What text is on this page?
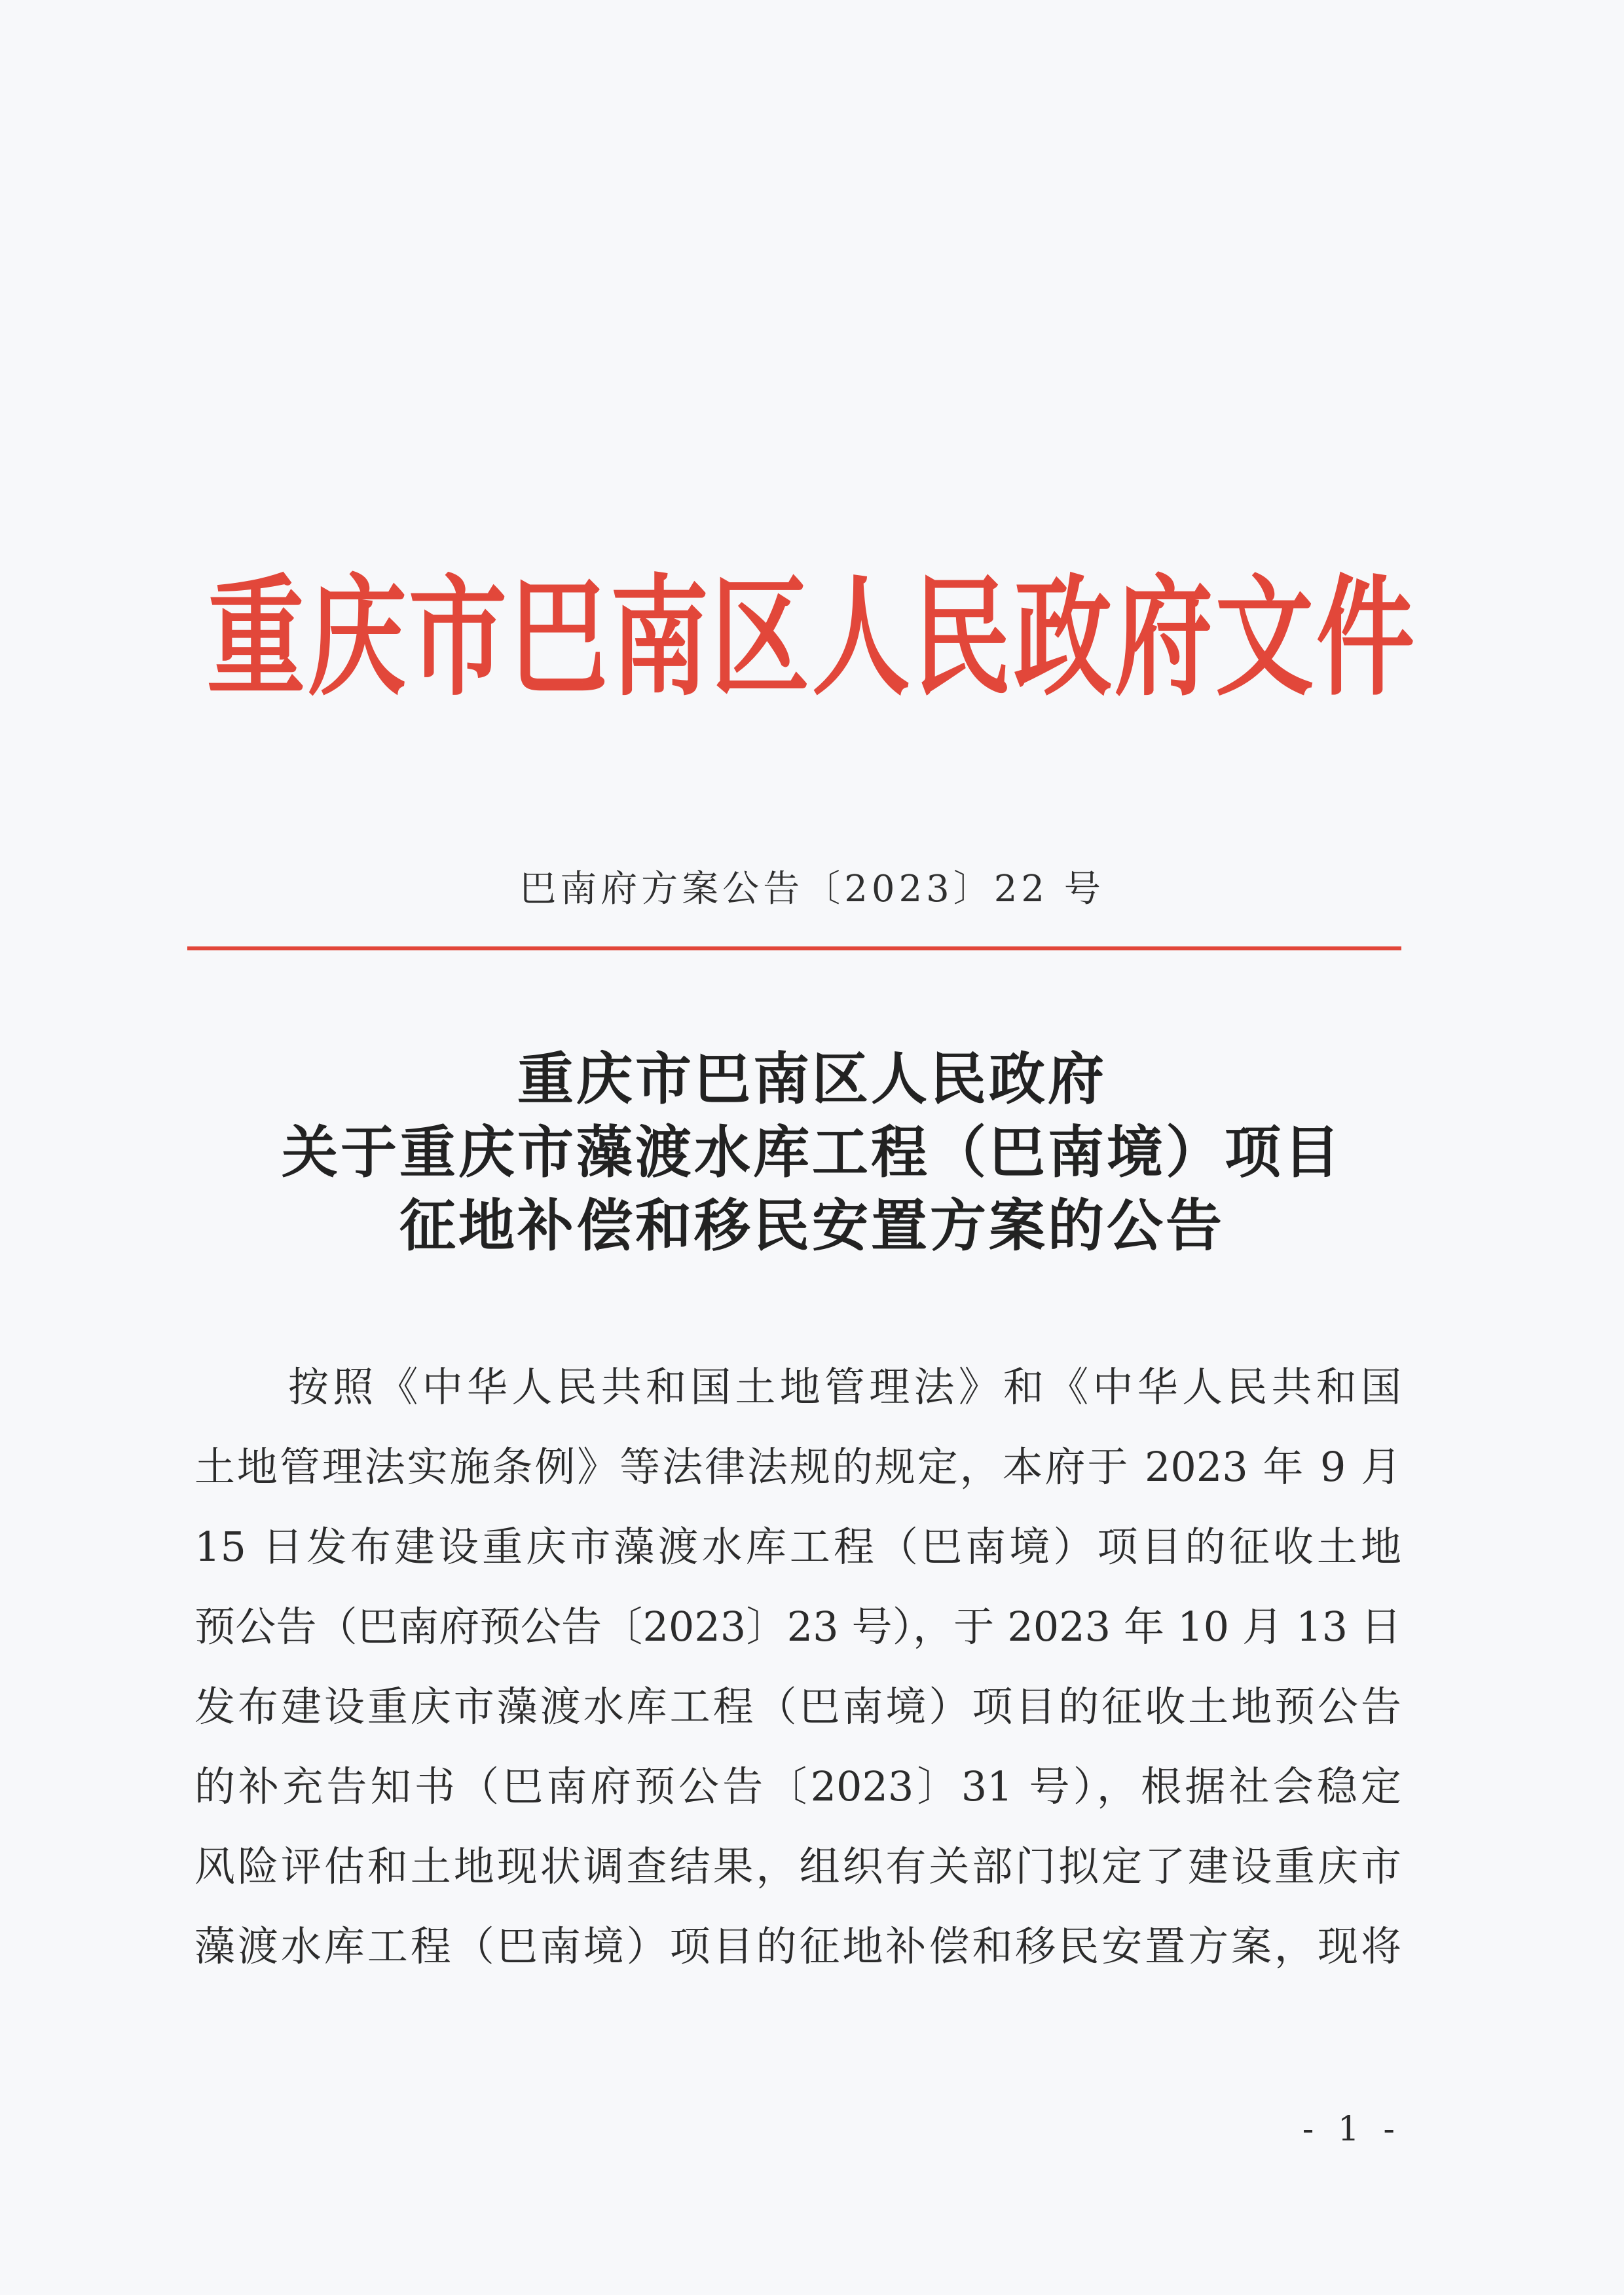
重庆市巴南区人民政府文件
巴南府方案公告〔2023〕22 号
重庆市巴南区人民政府
关于重庆市藻渡水库工程（巴南境）项目
征地补偿和移民安置方案的公告
按照《中华人民共和国土地管理法》和《中华人民共和国
土地管理法实施条例》等法律法规的规定，本府于 2023 年 9 月
15 日发布建设重庆市藻渡水库工程（巴南境）项目的征收土地
预公告（巴南府预公告〔2023〕23 号），于 2023 年 10 月 13 日
发布建设重庆市藻渡水库工程（巴南境）项目的征收土地预公告
的补充告知书（巴南府预公告〔2023〕31 号），根据社会稳定
风险评估和土地现状调查结果，组织有关部门拟定了建设重庆市
藻渡水库工程（巴南境）项目的征地补偿和移民安置方案，现将
- 1 -
